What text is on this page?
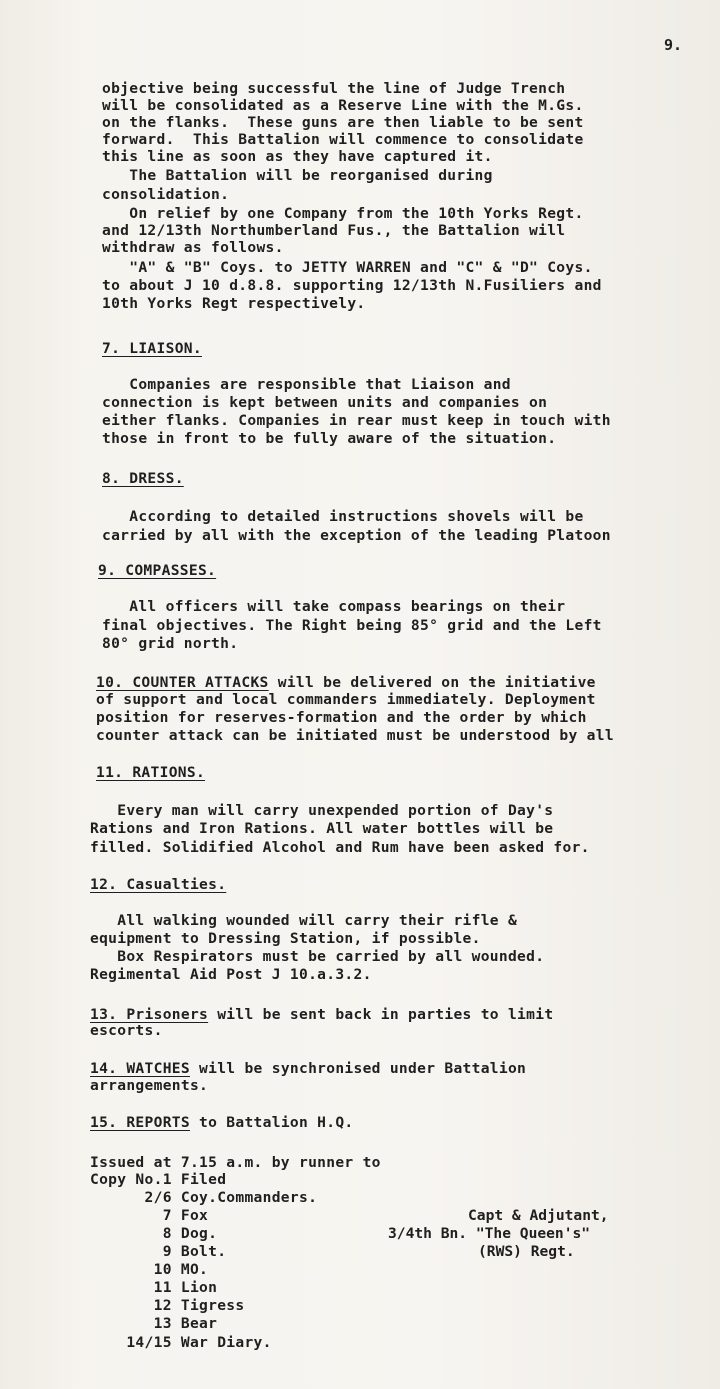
9.
objective being successful the line of Judge Trench
will be consolidated as a Reserve Line with the M.Gs.
on the flanks.  These guns are then liable to be sent
forward.  This Battalion will commence to consolidate
this line as soon as they have captured it.
The Battalion will be reorganised during
consolidation.
On relief by one Company from the 10th Yorks Regt.
and 12/13th Northumberland Fus., the Battalion will
withdraw as follows.
"A" & "B" Coys. to JETTY WARREN and "C" & "D" Coys.
to about J 10 d.8.8. supporting 12/13th N.Fusiliers and
10th Yorks Regt respectively.
7. LIAISON.
Companies are responsible that Liaison and
connection is kept between units and companies on
either flanks. Companies in rear must keep in touch with
those in front to be fully aware of the situation.
8. DRESS.
According to detailed instructions shovels will be
carried by all with the exception of the leading Platoon
9. COMPASSES.
All officers will take compass bearings on their
final objectives. The Right being 85° grid and the Left
80° grid north.
10. COUNTER ATTACKS will be delivered on the initiative
of support and local commanders immediately. Deployment
position for reserves-formation and the order by which
counter attack can be initiated must be understood by all
11. RATIONS.
Every man will carry unexpended portion of Day's
Rations and Iron Rations. All water bottles will be
filled. Solidified Alcohol and Rum have been asked for.
12. Casualties.
All walking wounded will carry their rifle &
equipment to Dressing Station, if possible.
Box Respirators must be carried by all wounded.
Regimental Aid Post J 10.a.3.2.
13. Prisoners will be sent back in parties to limit
escorts.
14. WATCHES will be synchronised under Battalion
arrangements.
15. REPORTS to Battalion H.Q.
Issued at 7.15 a.m. by runner to
Copy No.1 Filed
2/6 Coy.Commanders.
7 Fox
8 Dog.
9 Bolt.
10 MO.
11 Lion
12 Tigress
13 Bear
14/15 War Diary.
Capt & Adjutant,
3/4th Bn. "The Queen's"
(RWS) Regt.
